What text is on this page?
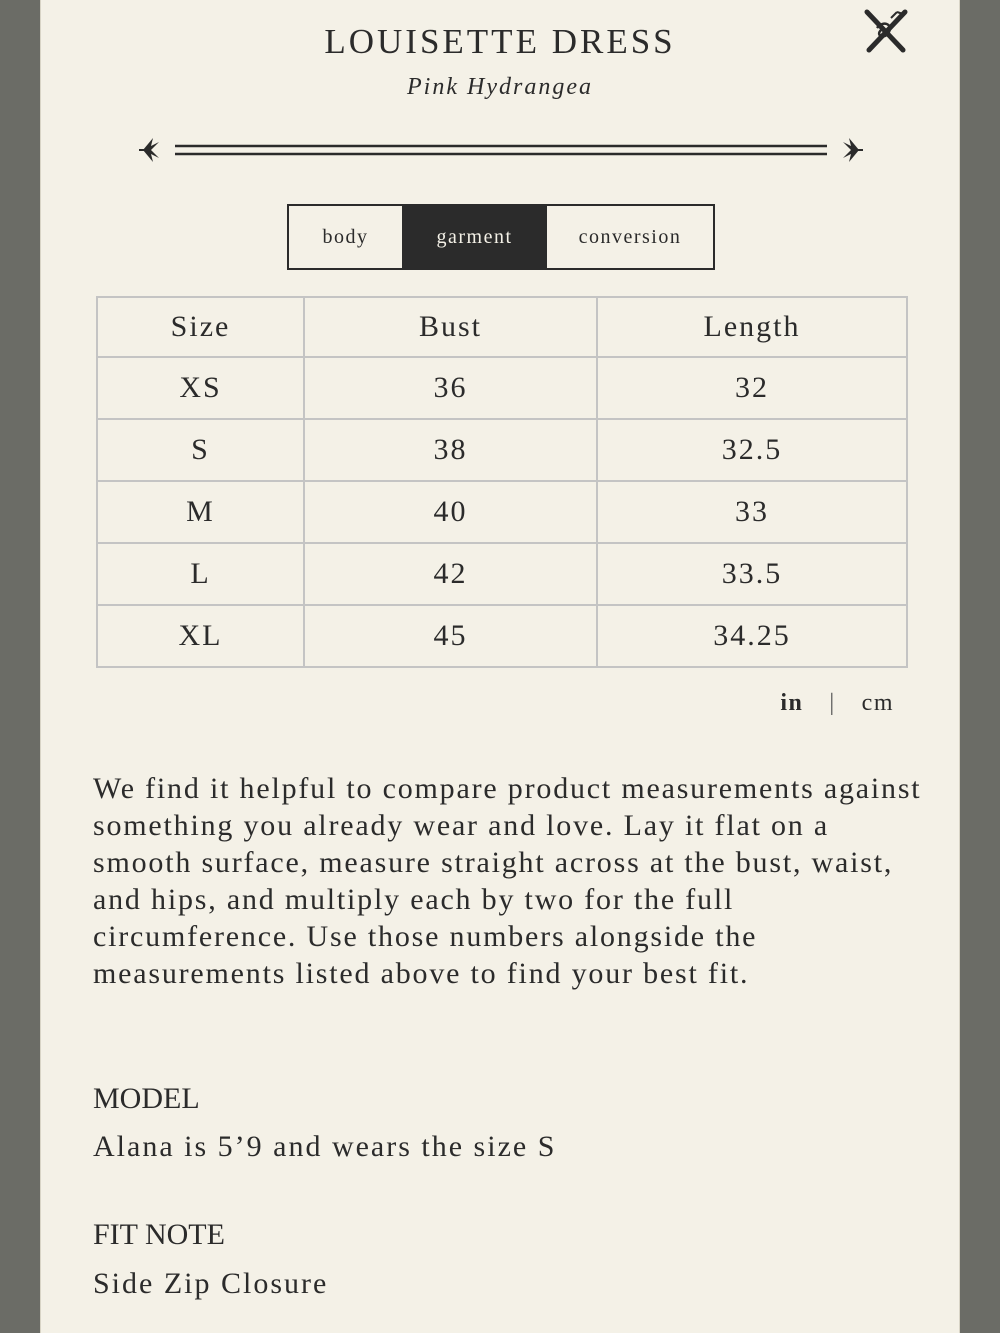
LOUISETTE DRESS
Pink Hydrangea
body	garment	conversion
Size	Bust	Length
XS	36	32
S	38	32.5
M	40	33
L	42	33.5
XL	45	34.25
in | cm

We find it helpful to compare product measurements against something you already wear and love. Lay it flat on a smooth surface, measure straight across at the bust, waist, and hips, and multiply each by two for the full circumference. Use those numbers alongside the measurements listed above to find your best fit.

MODEL
Alana is 5’9 and wears the size S
FIT NOTE
Side Zip Closure
